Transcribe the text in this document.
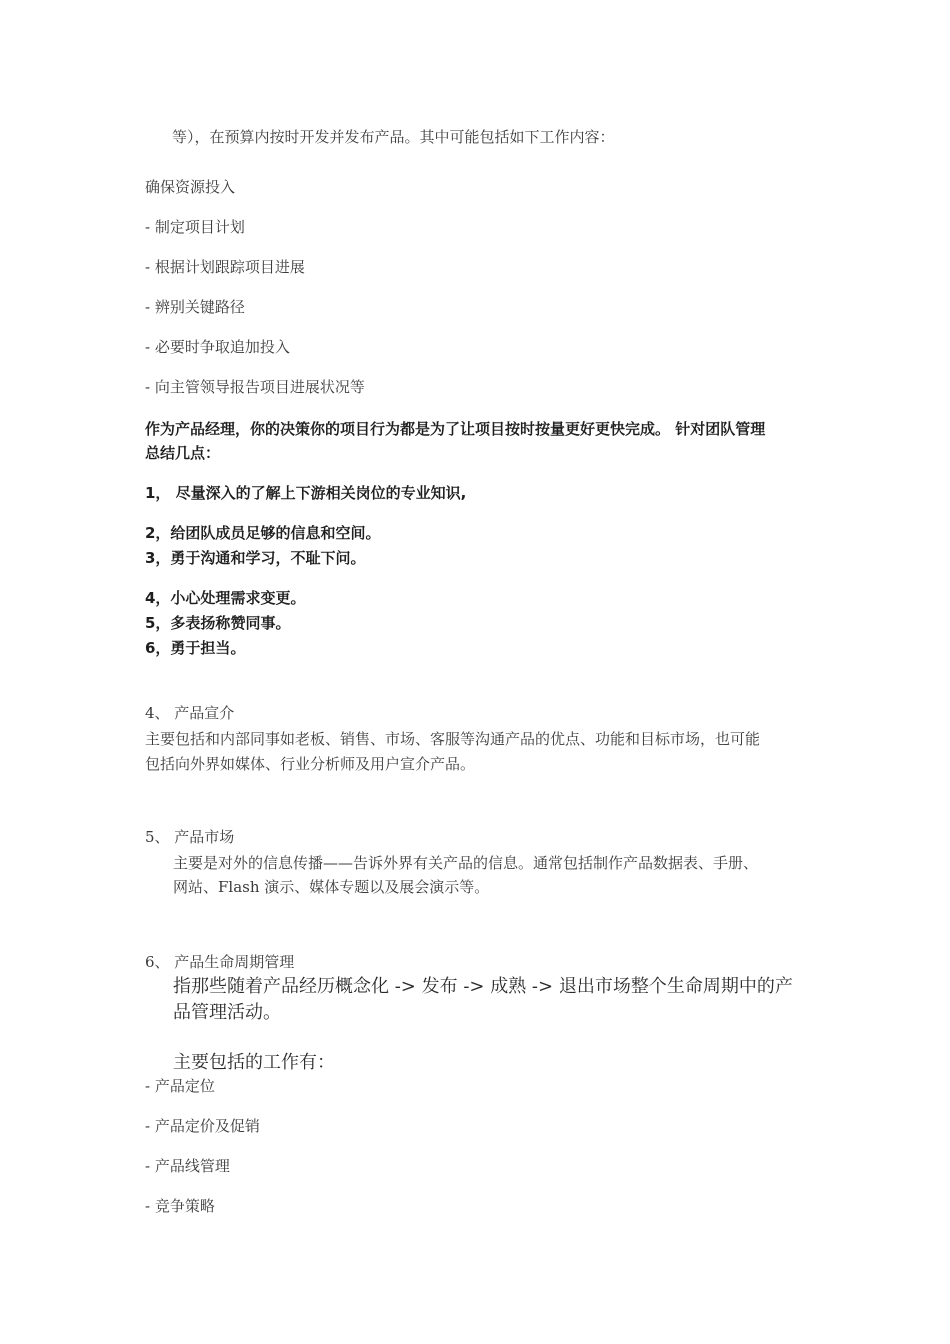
等），在预算内按时开发并发布产品。其中可能包括如下工作内容：
确保资源投入
- 制定项目计划
- 根据计划跟踪项目进展
- 辨别关键路径
- 必要时争取追加投入
- 向主管领导报告项目进展状况等
作为产品经理，你的决策你的项目行为都是为了让项目按时按量更好更快完成。 针对团队管理
总结几点：
1， 尽量深入的了解上下游相关岗位的专业知识,
2，给团队成员足够的信息和空间。
3，勇于沟通和学习，不耻下问。
4，小心处理需求变更。
5，多表扬称赞同事。
6，勇于担当。
4、 产品宣介
主要包括和内部同事如老板、销售、市场、客服等沟通产品的优点、功能和目标市场，也可能
包括向外界如媒体、行业分析师及用户宣介产品。
5、 产品市场
主要是对外的信息传播——告诉外界有关产品的信息。通常包括制作产品数据表、手册、
网站、Flash 演示、媒体专题以及展会演示等。
6、 产品生命周期管理
指那些随着产品经历概念化 -> 发布 -> 成熟 -> 退出市场整个生命周期中的产
品管理活动。
主要包括的工作有：
- 产品定位
- 产品定价及促销
- 产品线管理
- 竞争策略
